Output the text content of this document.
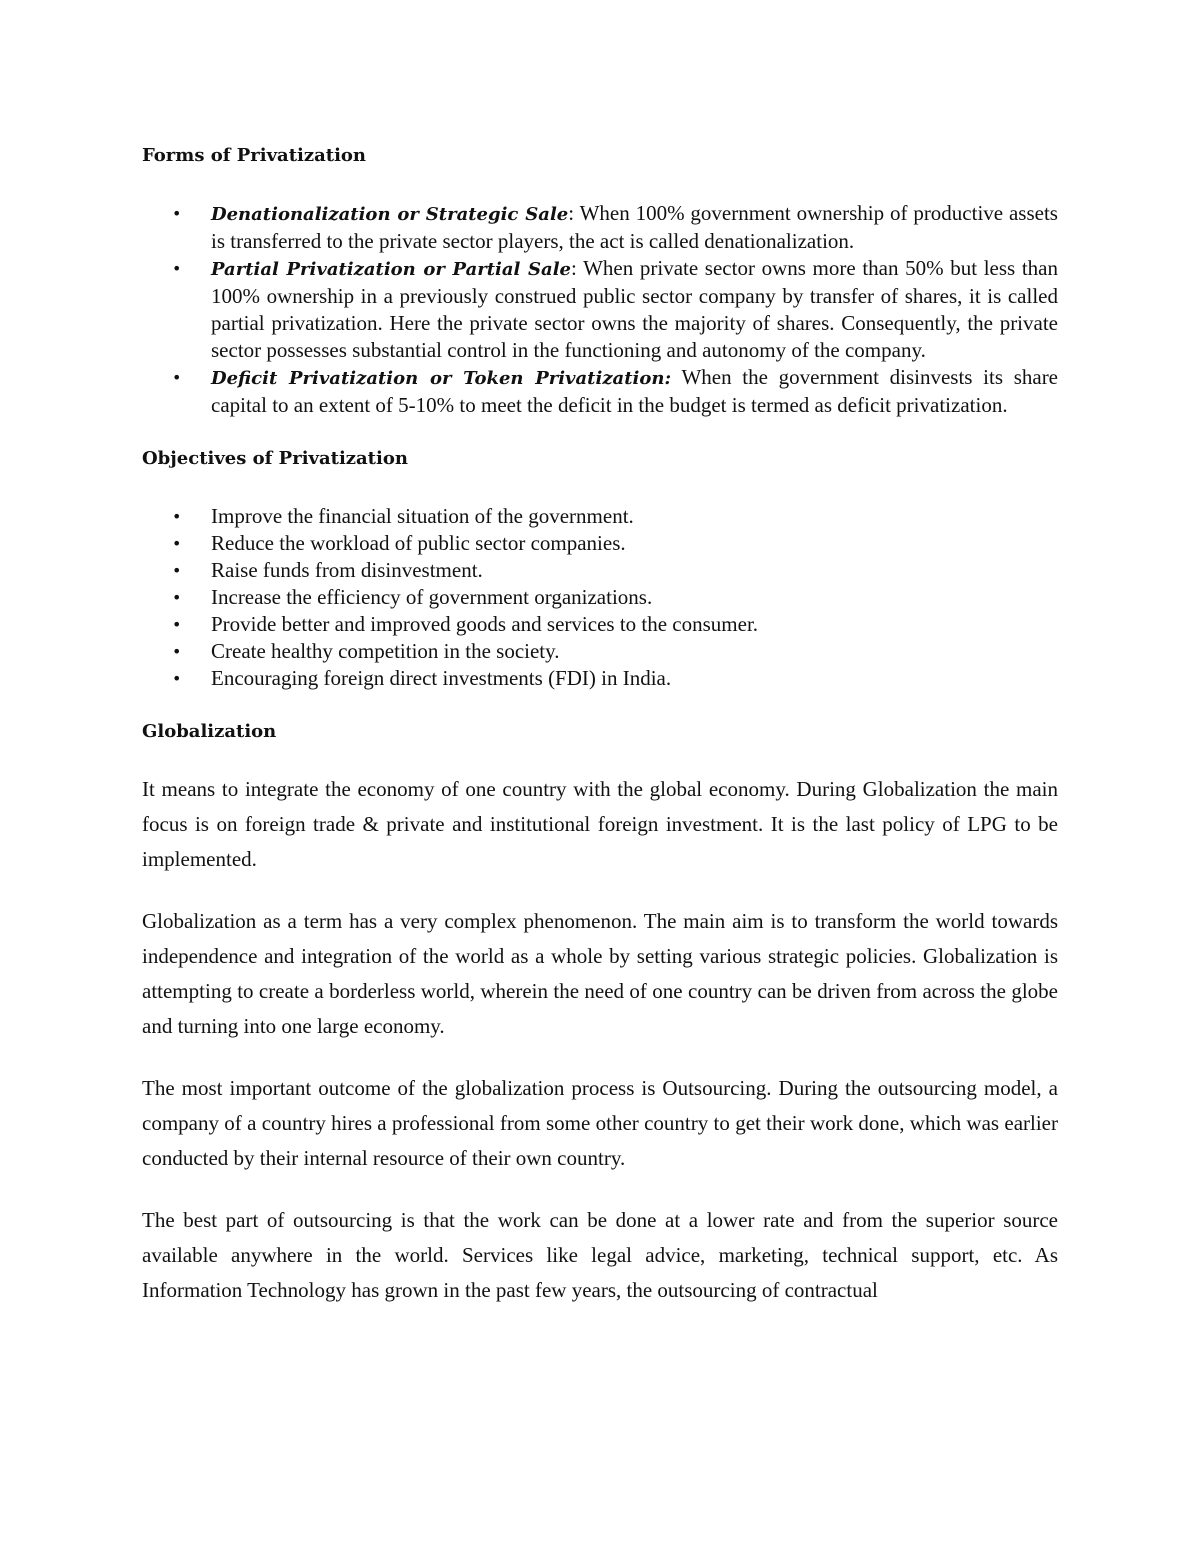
Forms of Privatization
• Denationalization or Strategic Sale: When 100% government ownership of productive assets is transferred to the private sector players, the act is called denationalization.
• Partial Privatization or Partial Sale: When private sector owns more than 50% but less than 100% ownership in a previously construed public sector company by transfer of shares, it is called partial privatization. Here the private sector owns the majority of shares. Consequently, the private sector possesses substantial control in the functioning and autonomy of the company.
• Deficit Privatization or Token Privatization: When the government disinvests its share capital to an extent of 5-10% to meet the deficit in the budget is termed as deficit privatization.
Objectives of Privatization
• Improve the financial situation of the government.
• Reduce the workload of public sector companies.
• Raise funds from disinvestment.
• Increase the efficiency of government organizations.
• Provide better and improved goods and services to the consumer.
• Create healthy competition in the society.
• Encouraging foreign direct investments (FDI) in India.
Globalization

It means to integrate the economy of one country with the global economy. During Globalization the main focus is on foreign trade & private and institutional foreign investment. It is the last policy of LPG to be implemented.

Globalization as a term has a very complex phenomenon. The main aim is to transform the world towards independence and integration of the world as a whole by setting various strategic policies. Globalization is attempting to create a borderless world, wherein the need of one country can be driven from across the globe and turning into one large economy.

The most important outcome of the globalization process is Outsourcing. During the outsourcing model, a company of a country hires a professional from some other country to get their work done, which was earlier conducted by their internal resource of their own country.

The best part of outsourcing is that the work can be done at a lower rate and from the superior source available anywhere in the world. Services like legal advice, marketing, technical support, etc. As Information Technology has grown in the past few years, the outsourcing of contractual
